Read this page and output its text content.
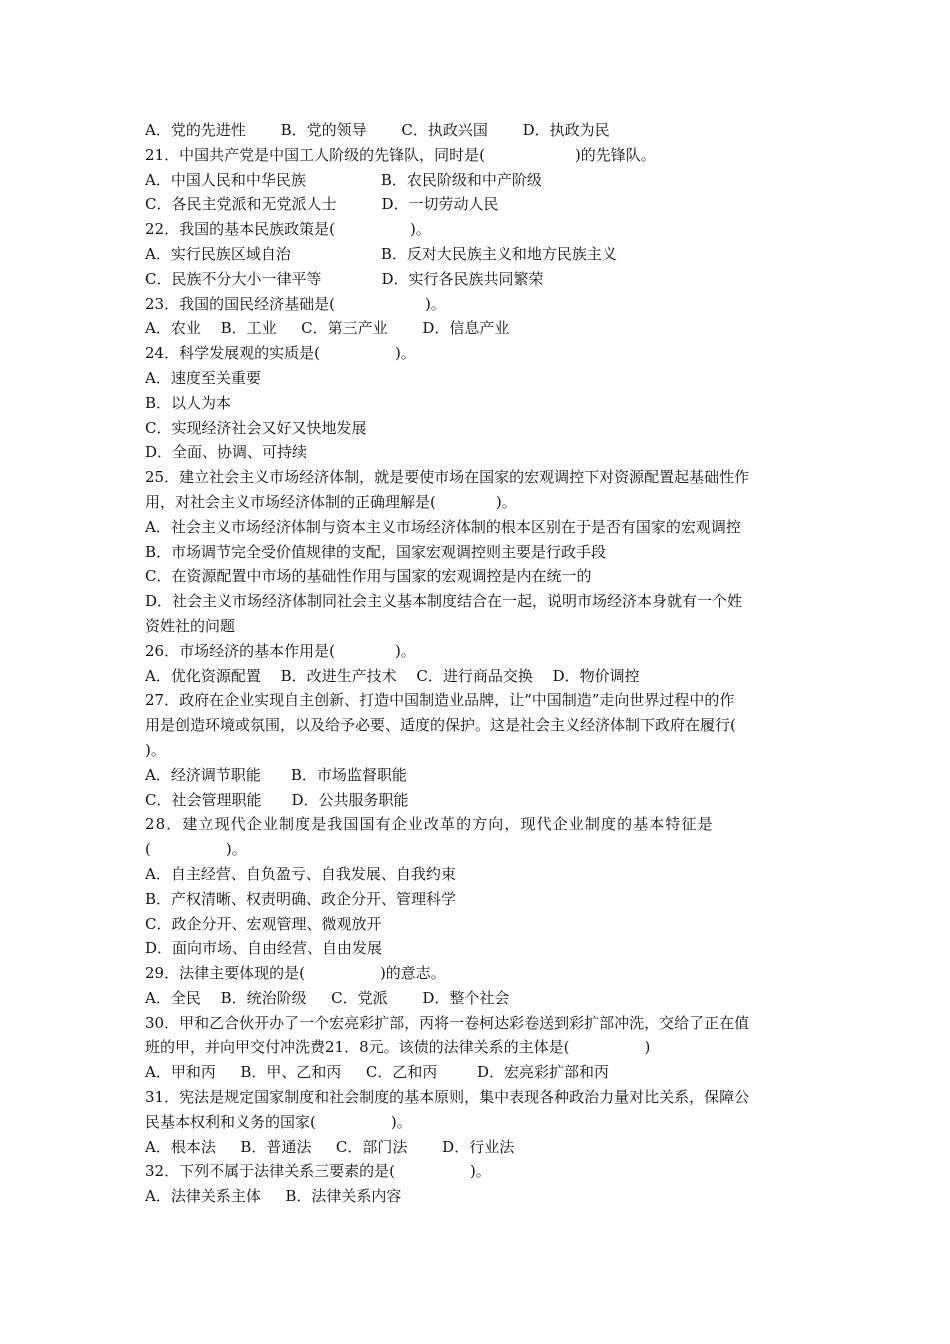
A．党的先进性 　　B．党的领导 　　C．执政兴国 　　D．执政为民
21．中国共产党是中国工人阶级的先锋队，同时是(　　　　　　)的先锋队。
A．中国人民和中华民族　　　　　B．农民阶级和中产阶级
C．各民主党派和无党派人士　　　D．一切劳动人民
22．我国的基本民族政策是(　　　　　)。
A．实行民族区域自治　　　　　　B．反对大民族主义和地方民族主义
C．民族不分大小一律平等　　　　D．实行各民族共同繁荣
23．我国的国民经济基础是(　　　　　　)。
A．农业　 B．工业 　 C．第三产业 　　D．信息产业
24．科学发展观的实质是(　　　　　)。
A．速度至关重要
B．以人为本
C．实现经济社会又好又快地发展
D．全面、协调、可持续
25．建立社会主义市场经济体制，就是要使市场在国家的宏观调控下对资源配置起基础性作
用，对社会主义市场经济体制的正确理解是(　　　　)。
A．社会主义市场经济体制与资本主义市场经济体制的根本区别在于是否有国家的宏观调控
B．市场调节完全受价值规律的支配，国家宏观调控则主要是行政手段
C．在资源配置中市场的基础性作用与国家的宏观调控是内在统一的
D．社会主义市场经济体制同社会主义基本制度结合在一起，说明市场经济本身就有一个姓
资姓社的问题
26．市场经济的基本作用是(　　　　)。
A．优化资源配置 　B．改进生产技术 　C．进行商品交换 　D．物价调控
27．政府在企业实现自主创新、打造中国制造业品牌，让“中国制造”走向世界过程中的作
用是创造环境或氛围，以及给予必要、适度的保护。这是社会主义经济体制下政府在履行(
)。
A．经济调节职能　　B．市场监督职能
C．社会管理职能　　D．公共服务职能
28．建立现代企业制度是我国国有企业改革的方向，现代企业制度的基本特征是
(　　　　　)。
A．自主经营、自负盈亏、自我发展、自我约束
B．产权清晰、权责明确、政企分开、管理科学
C．政企分开、宏观管理、微观放开
D．面向市场、自由经营、自由发展
29．法律主要体现的是(　　　　　)的意志。
A．全民　 B．统治阶级 　 C．党派 　　D．整个社会
30．甲和乙合伙开办了一个宏亮彩扩部，丙将一卷柯达彩卷送到彩扩部冲洗，交给了正在值
班的甲，并向甲交付冲洗费21．8元。该债的法律关系的主体是(　　　　　)
A．甲和丙 　 B．甲、乙和丙 　 C．乙和丙 　　 D．宏亮彩扩部和丙
31．宪法是规定国家制度和社会制度的基本原则，集中表现各种政治力量对比关系，保障公
民基本权利和义务的国家(　　　　　)。
A．根本法 　 B．普通法 　 C．部门法 　　D．行业法
32．下列不属于法律关系三要素的是(　　　　　)。
A．法律关系主体 　 B．法律关系内容
